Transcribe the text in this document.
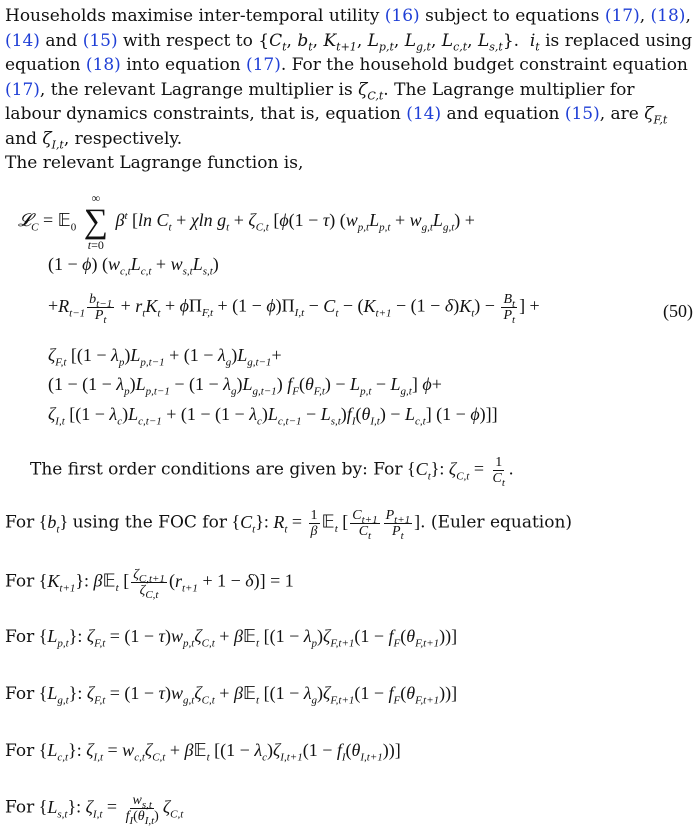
Households maximise inter-temporal utility (16) subject to equations (17), (18), (14) and (15) with respect to {$C_t$, $b_t$, $K_{t+1}$, $L_{p,t}$, $L_{g,t}$, $L_{c,t}$, $L_{s,t}$}.  $i_t$ is replaced using equation (18) into equation (17). For the household budget constraint equation (17), the relevant Lagrange multiplier is $\zeta_{C,t}$. The Lagrange multiplier for labour dynamics constraints, that is, equation (14) and equation (15), are $\zeta_{F,t}$ and $\zeta_{I,t}$, respectively.

The relevant Lagrange function is,

𝓛$_C$ = 𝔼$_0$
∞
∑
t=0
$\beta^t$ [ln $C_t + \chi\ln$ $g_t + \zeta_{C,t}$ [ϕ(1 − τ) $(w_{p,t}L_{p,t} + w_{g,t}L_{g,t})$ +
(1 − ϕ) $(w_{c,t}L_{c,t} + w_{s,t}L_{s,t})$
$+R_{t-1} \frac{b_{t-1}}{P_t} + r_tK_t + \phi\Pi_{F,t} + (1 - \phi)\Pi_{I,t} - C_t - (K_{t+1} - (1 - \delta)K_t) - \frac{B_t}{P_t}$ ] +	(50)
$\zeta_{F,t}$ [$(1 - \lambda_p)L_{p,t-1} + (1 - \lambda_g)L_{g,t-1}+$
$(1 - (1 - \lambda_p)L_{p,t-1} - (1 - \lambda_g)L_{g,t-1})$ $f_F(\theta_{F,t}) - L_{p,t} - L_{g,t}$] ϕ+
$\zeta_{I,t}$ $[(1 - \lambda_c)L_{c,t-1} + (1 - (1 - \lambda_c)L_{c,t-1} - L_{s,t})f_I(\theta_{I,t}) - L_{c,t}]$ (1 − ϕ)]]
The first order conditions are given by: For $\{C_t\}$: $\zeta_{C,t} = \frac{1}{C_t}$ .
For $\{b_t\}$ using the FOC for $\{C_t\}$: $R_t = \frac{1}{\beta}$ 𝔼$_t$ [ $\frac{C_{t+1}}{C_t} \frac{P_{t+1}}{P_t}$ ]. (Euler equation)
For $\{K_{t+1}\}$: β𝔼$_t$ [ $\frac{\zeta_{C,t+1}}{\zeta_{C,t}} (r_{t+1} + 1 - \delta)] = 1$
For $\{L_{p,t}\}$: $\zeta_{F,t} = (1 - \tau)w_{p,t}\zeta_{C,t}$ + β𝔼$_t$ $[(1 - \lambda_p)\zeta_{F,t+1}(1 - f_F(\theta_{F,t+1}))]$
For $\{L_{g,t}\}$: $\zeta_{F,t} = (1 - \tau)w_{g,t}\zeta_{C,t}$ + β𝔼$_t$ $[(1 - \lambda_g)\zeta_{F,t+1}(1 - f_F(\theta_{F,t+1}))]$
For $\{L_{c,t}\}$: $\zeta_{I,t} = w_{c,t}\zeta_{C,t}$ + β𝔼$_t$ $[(1 - \lambda_c)\zeta_{I,t+1}(1 - f_I(\theta_{I,t+1}))]$
For $\{L_{s,t}\}$: $\zeta_{I,t} = \frac{w_{s,t}}{f_I(\theta_{I,t})} \zeta_{C,t}$
